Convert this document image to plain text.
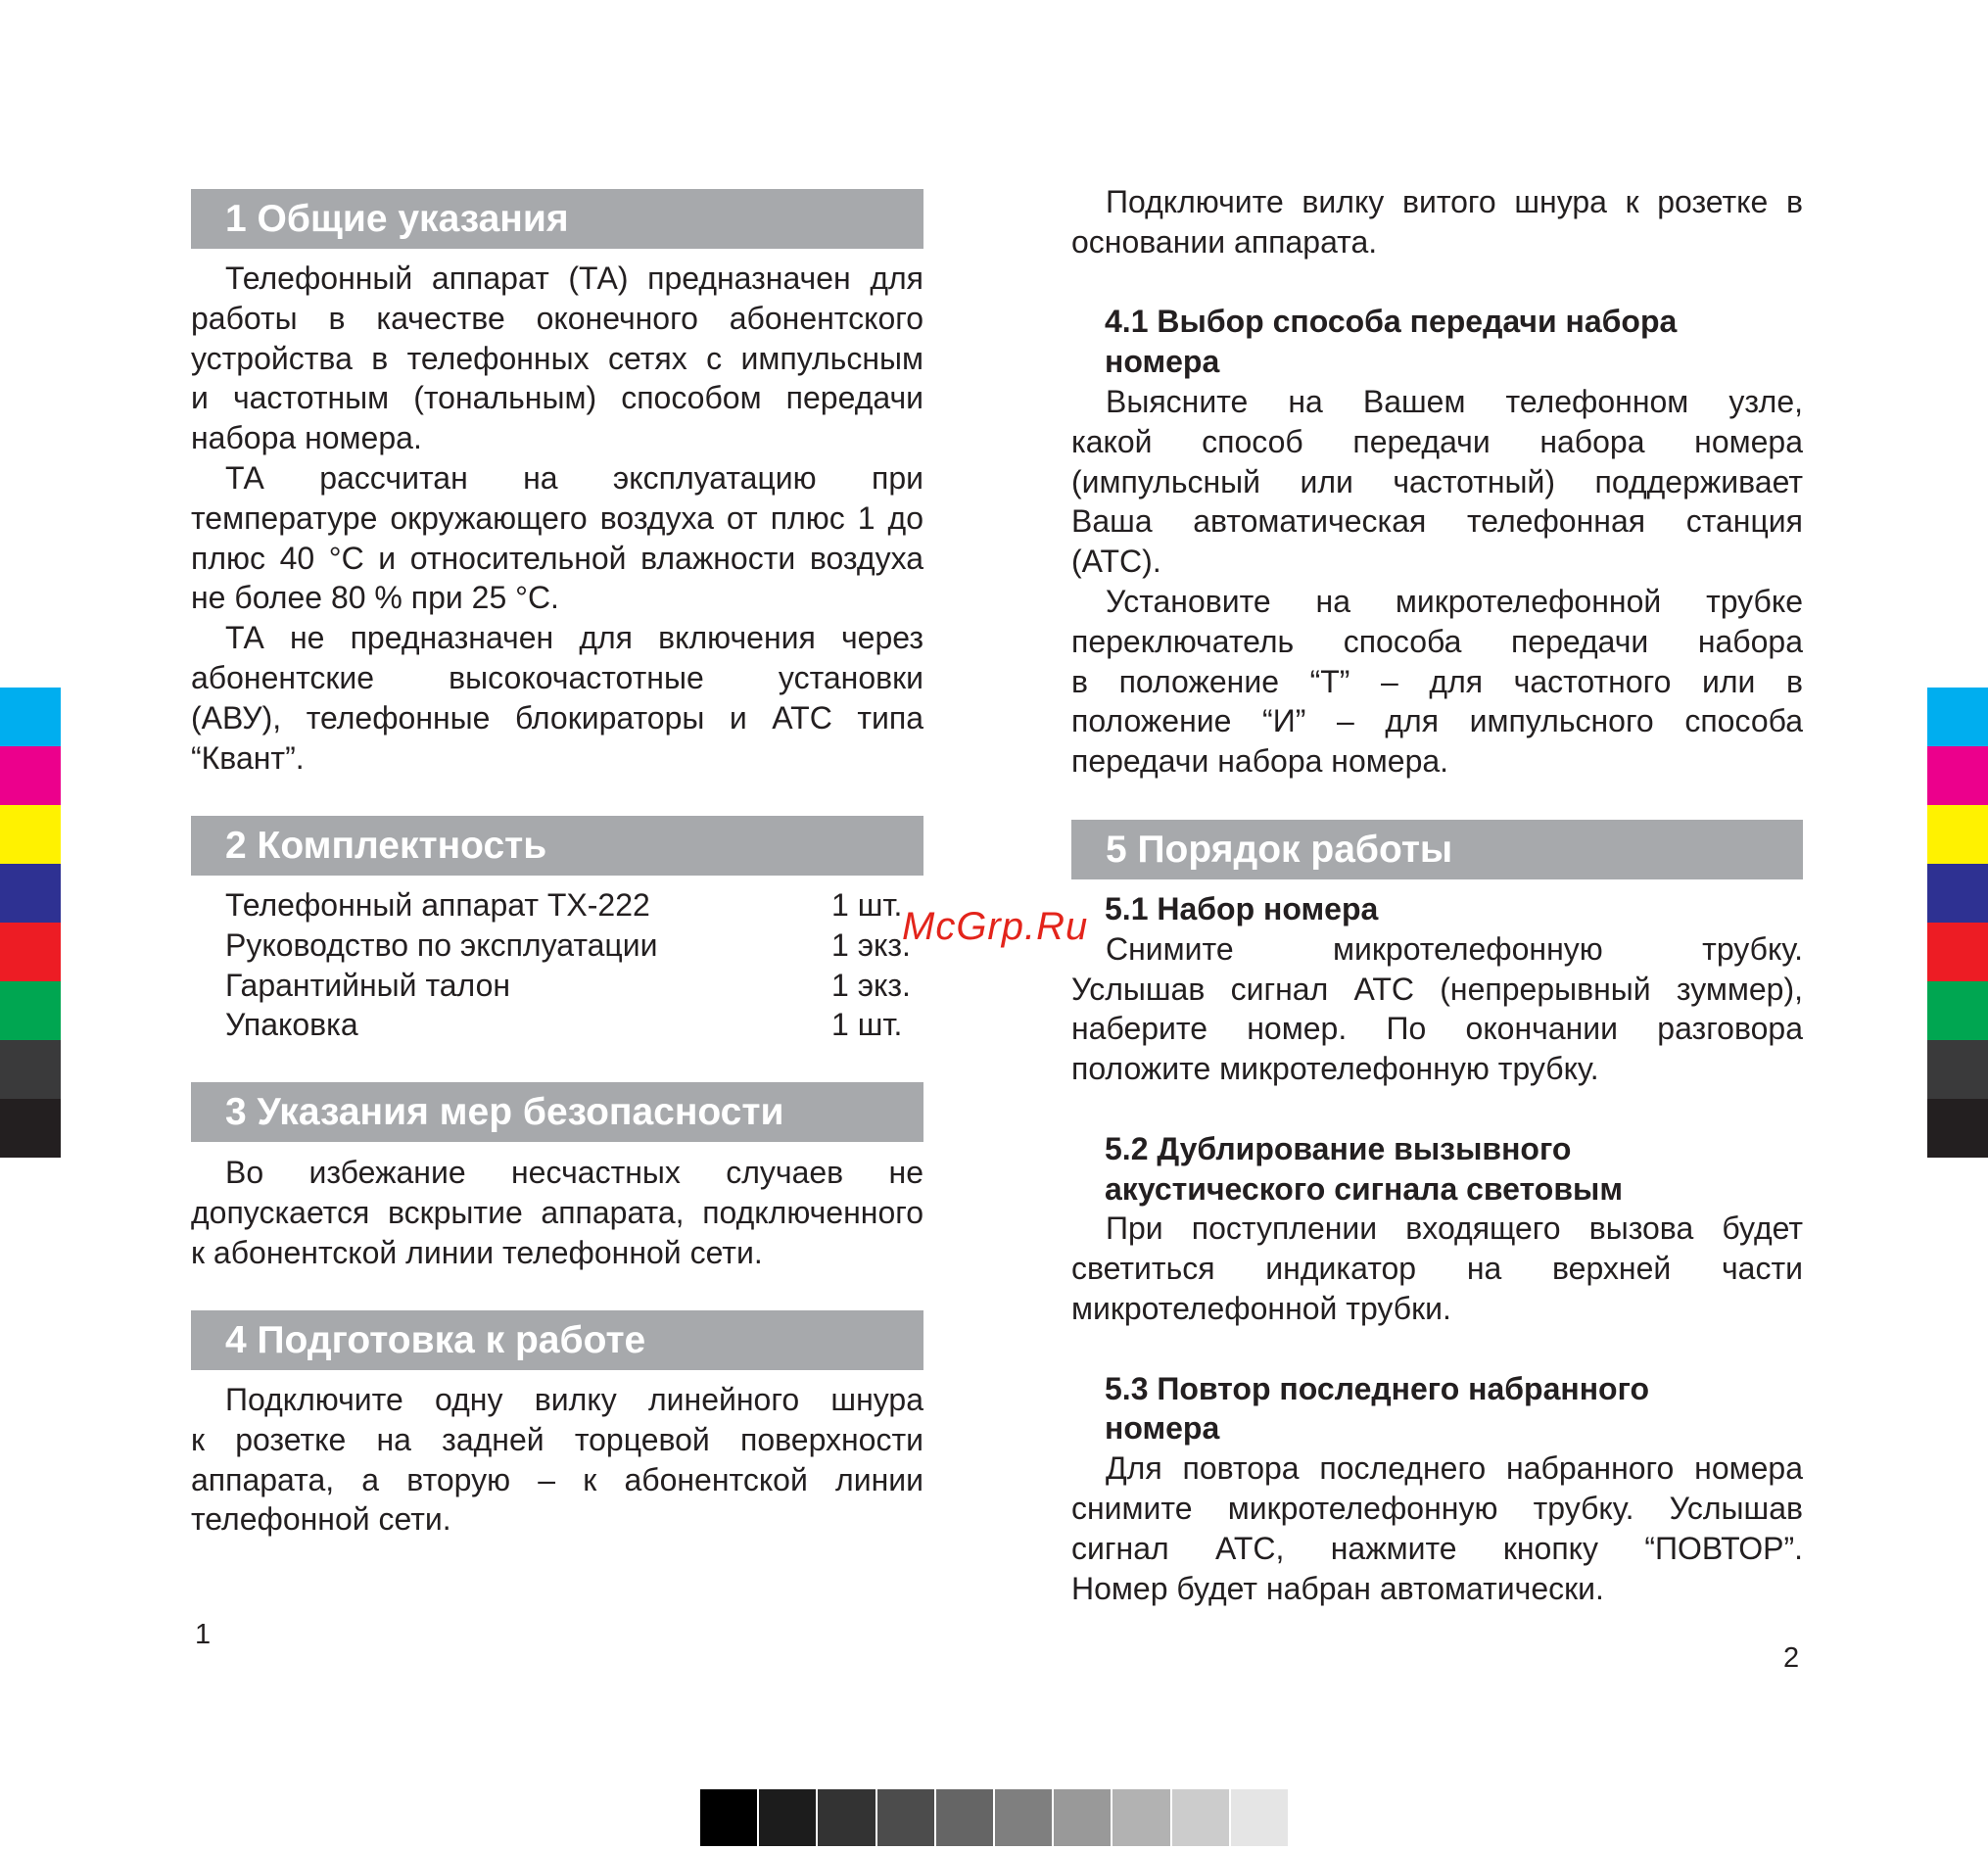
1 Общие указания
Телефонный аппарат (ТА) предназначен для
работы в качестве оконечного абонентского
устройства в телефонных сетях с импульсным
и частотным (тональным) способом передачи
набора номера.
ТА рассчитан на эксплуатацию при
температуре окружающего воздуха от плюс 1 до
плюс 40 °С и относительной влажности воздуха
не более 80 % при 25 °С.
ТА не предназначен для включения через
абонентские высокочастотные установки
(АВУ), телефонные блокираторы и АТС типа
“Квант”.
2 Комплектность
Телефонный аппарат ТХ-222	1 шт.
Руководство по эксплуатации	1 экз.
Гарантийный талон	1 экз.
Упаковка	1 шт.
3 Указания мер безопасности
Во избежание несчастных случаев не
допускается вскрытие аппарата, подключенного
к абонентской линии телефонной сети.
4 Подготовка к работе
Подключите одну вилку линейного шнура
к розетке на задней торцевой поверхности
аппарата, а вторую – к абонентской линии
телефонной сети.
1
Подключите вилку витого шнура к розетке в
основании аппарата.
4.1 Выбор способа передачи набора
номера
Выясните на Вашем телефонном узле,
какой способ передачи набора номера
(импульсный или частотный) поддерживает
Ваша автоматическая телефонная станция
(АТС).
Установите на микротелефонной трубке
переключатель способа передачи набора
в положение “Т” – для частотного или в
положение “И” – для импульсного способа
передачи набора номера.
5 Порядок работы
5.1 Набор номера
Снимите микротелефонную трубку.
Услышав сигнал АТС (непрерывный зуммер),
наберите номер. По окончании разговора
положите микротелефонную трубку.
5.2 Дублирование вызывного
акустического сигнала световым
При поступлении входящего вызова будет
светиться индикатор на верхней части
микротелефонной трубки.
5.3 Повтор последнего набранного
номера
Для повтора последнего набранного номера
снимите микротелефонную трубку. Услышав
сигнал АТС, нажмите кнопку “ПОВТОР”.
Номер будет набран автоматически.
2
McGrp.Ru
